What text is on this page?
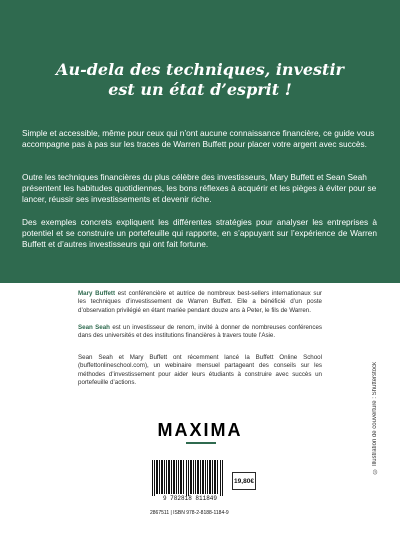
Au-dela des techniques, investir
est un état d’esprit !
Simple et accessible, même pour ceux qui n’ont aucune connaissance financière, ce guide vous accompagne pas à pas sur les traces de Warren Buffett pour placer votre argent avec succès.
Outre les techniques financières du plus célèbre des investisseurs, Mary Buffett et Sean Seah présentent les habitudes quotidiennes, les bons réflexes à acquérir et les pièges à éviter pour se lancer, réussir ses investissements et devenir riche.
Des exemples concrets expliquent les différentes stratégies pour analyser les entreprises à potentiel et se construire un portefeuille qui rapporte, en s’appuyant sur l’expérience de Warren Buffett et d’autres investisseurs qui ont fait fortune.
Mary Buffett est conférencière et autrice de nombreux best-sellers internationaux sur les techniques d’investissement de Warren Buffett. Elle a bénéficié d’un poste d’observation privilégié en étant mariée pendant douze ans à Peter, le fils de Warren.
Sean Seah est un investisseur de renom, invité à donner de nombreuses conférences dans des universités et des institutions financières à travers toute l’Asie.
Sean Seah et Mary Buffett ont récemment lancé la Buffett Online School (buffettonlineschool.com), un webinaire mensuel partageant des conseils sur les méthodes d’investissement pour aider leurs étudiants à construire avec succès un portefeuille d’actions.
MAXIMA
9 782818 811849
19,80€
2867511 | ISBN 978-2-8188-1184-9
© Illustration de couverture : Shutterstock
